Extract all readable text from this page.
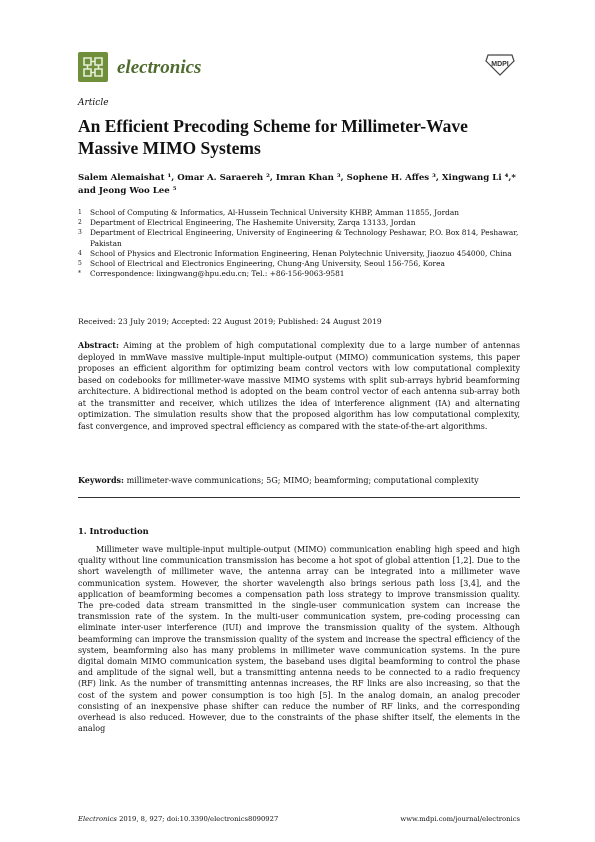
electronics	MDPI
Article
An Efficient Precoding Scheme for Millimeter-Wave Massive MIMO Systems
Salem Alemaishat ¹, Omar A. Saraereh ², Imran Khan ³, Sophene H. Affes ³, Xingwang Li ⁴,* and Jeong Woo Lee ⁵
1 School of Computing & Informatics, Al-Hussein Technical University KHBP, Amman 11855, Jordan
2 Department of Electrical Engineering, The Hashemite University, Zarqa 13133, Jordan
3 Department of Electrical Engineering, University of Engineering & Technology Peshawar, P.O. Box 814, Peshawar, Pakistan
4 School of Physics and Electronic Information Engineering, Henan Polytechnic University, Jiaozuo 454000, China
5 School of Electrical and Electronics Engineering, Chung-Ang University, Seoul 156-756, Korea
* Correspondence: lixingwang@hpu.edu.cn; Tel.: +86-156-9063-9581
Received: 23 July 2019; Accepted: 22 August 2019; Published: 24 August 2019
Abstract: Aiming at the problem of high computational complexity due to a large number of antennas deployed in mmWave massive multiple-input multiple-output (MIMO) communication systems, this paper proposes an efficient algorithm for optimizing beam control vectors with low computational complexity based on codebooks for millimeter-wave massive MIMO systems with split sub-arrays hybrid beamforming architecture. A bidirectional method is adopted on the beam control vector of each antenna sub-array both at the transmitter and receiver, which utilizes the idea of interference alignment (IA) and alternating optimization. The simulation results show that the proposed algorithm has low computational complexity, fast convergence, and improved spectral efficiency as compared with the state-of-the-art algorithms.
Keywords: millimeter-wave communications; 5G; MIMO; beamforming; computational complexity
1. Introduction

Millimeter wave multiple-input multiple-output (MIMO) communication enabling high speed and high quality without line communication transmission has become a hot spot of global attention [1,2]. Due to the short wavelength of millimeter wave, the antenna array can be integrated into a millimeter wave communication system. However, the shorter wavelength also brings serious path loss [3,4], and the application of beamforming becomes a compensation path loss strategy to improve transmission quality. The pre-coded data stream transmitted in the single-user communication system can increase the transmission rate of the system. In the multi-user communication system, pre-coding processing can eliminate inter-user interference (IUI) and improve the transmission quality of the system. Although beamforming can improve the transmission quality of the system and increase the spectral efficiency of the system, beamforming also has many problems in millimeter wave communication systems. In the pure digital domain MIMO communication system, the baseband uses digital beamforming to control the phase and amplitude of the signal well, but a transmitting antenna needs to be connected to a radio frequency (RF) link. As the number of transmitting antennas increases, the RF links are also increasing, so that the cost of the system and power consumption is too high [5]. In the analog domain, an analog precoder consisting of an inexpensive phase shifter can reduce the number of RF links, and the corresponding overhead is also reduced. However, due to the constraints of the phase shifter itself, the elements in the analog

Electronics 2019, 8, 927; doi:10.3390/electronics8090927	www.mdpi.com/journal/electronics
